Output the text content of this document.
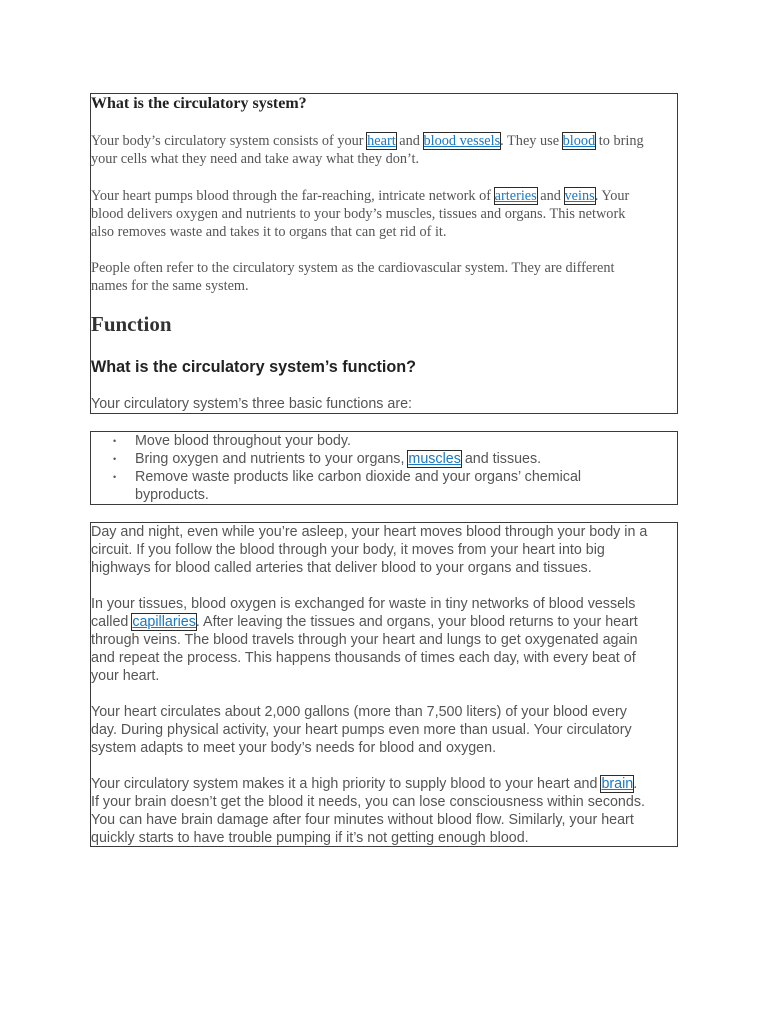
What is the circulatory system?
Your body’s circulatory system consists of your heart and blood vessels. They use blood to bring
your cells what they need and take away what they don’t.
Your heart pumps blood through the far-reaching, intricate network of arteries and veins. Your
blood delivers oxygen and nutrients to your body’s muscles, tissues and organs. This network
also removes waste and takes it to organs that can get rid of it.
People often refer to the circulatory system as the cardiovascular system. They are different
names for the same system.
Function
What is the circulatory system’s function?
Your circulatory system’s three basic functions are:
• Move blood throughout your body.
• Bring oxygen and nutrients to your organs, muscles and tissues.
• Remove waste products like carbon dioxide and your organs’ chemical
byproducts.
Day and night, even while you’re asleep, your heart moves blood through your body in a
circuit. If you follow the blood through your body, it moves from your heart into big
highways for blood called arteries that deliver blood to your organs and tissues.
In your tissues, blood oxygen is exchanged for waste in tiny networks of blood vessels
called capillaries. After leaving the tissues and organs, your blood returns to your heart
through veins. The blood travels through your heart and lungs to get oxygenated again
and repeat the process. This happens thousands of times each day, with every beat of
your heart.
Your heart circulates about 2,000 gallons (more than 7,500 liters) of your blood every
day. During physical activity, your heart pumps even more than usual. Your circulatory
system adapts to meet your body’s needs for blood and oxygen.
Your circulatory system makes it a high priority to supply blood to your heart and brain.
If your brain doesn’t get the blood it needs, you can lose consciousness within seconds.
You can have brain damage after four minutes without blood flow. Similarly, your heart
quickly starts to have trouble pumping if it’s not getting enough blood.
